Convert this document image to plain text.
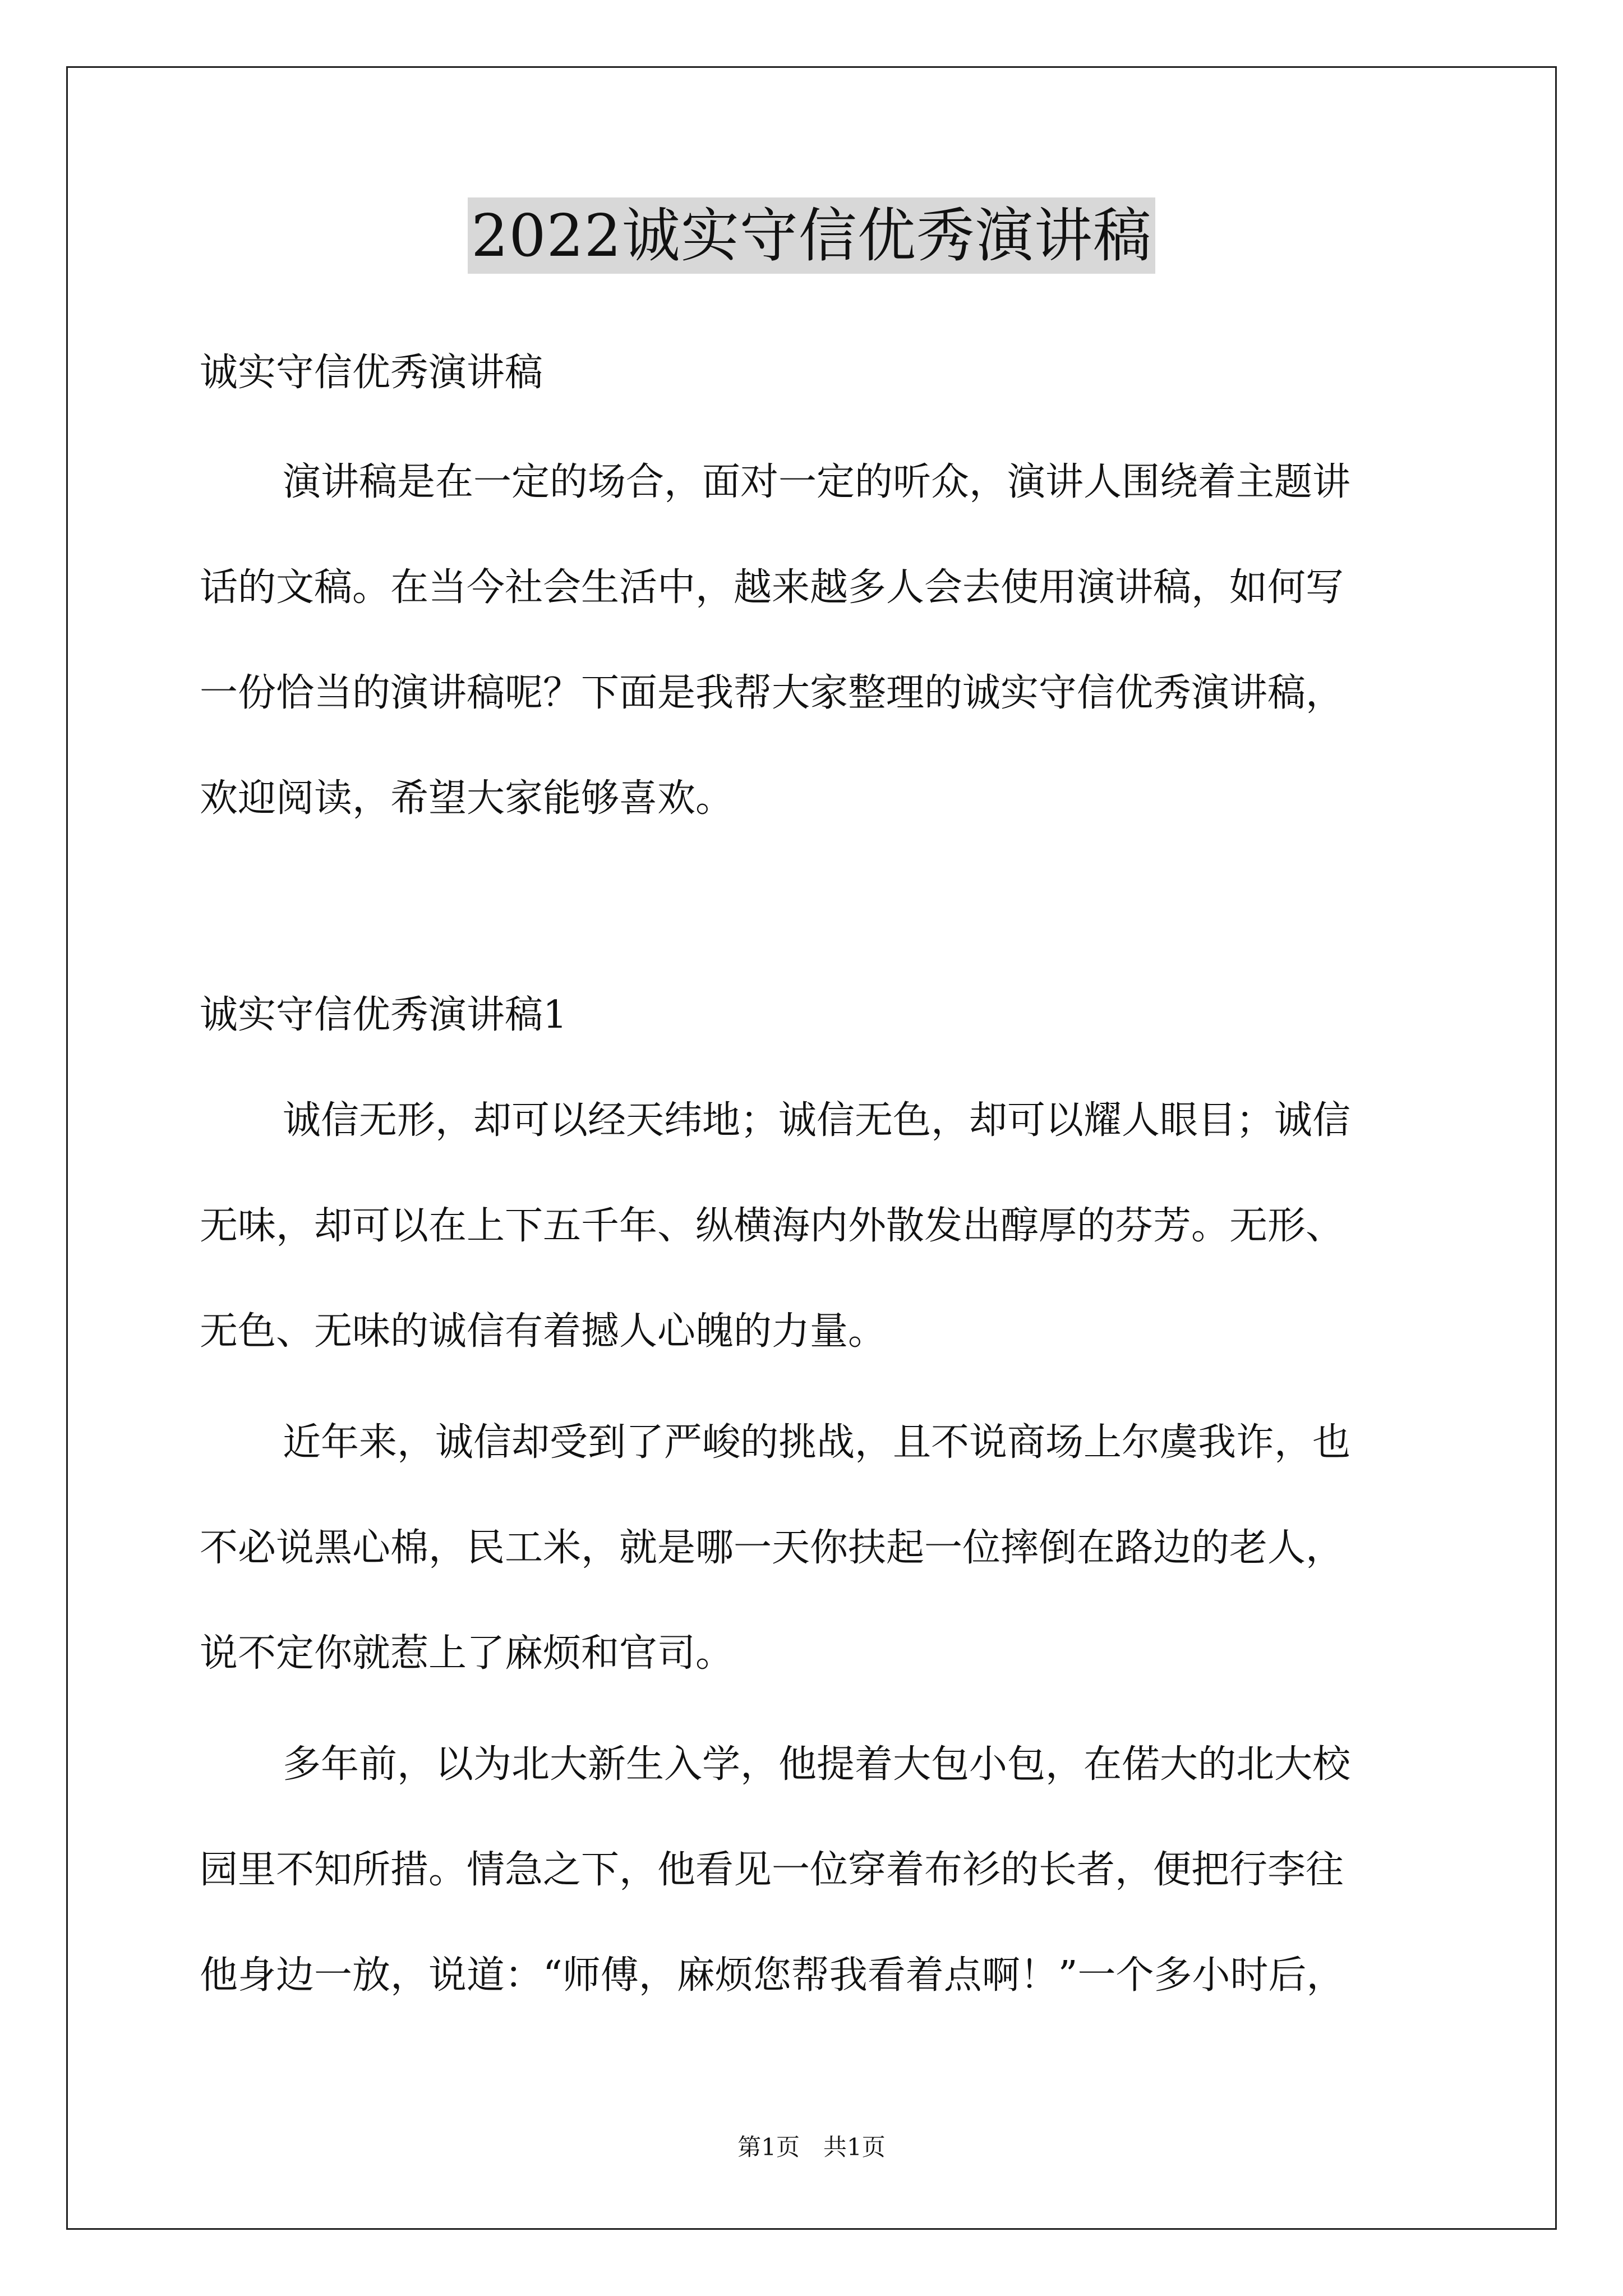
2022诚实守信优秀演讲稿
诚实守信优秀演讲稿
演讲稿是在一定的场合，面对一定的听众，演讲人围绕着主题讲
话的文稿。在当今社会生活中，越来越多人会去使用演讲稿，如何写
一份恰当的演讲稿呢？下面是我帮大家整理的诚实守信优秀演讲稿，
欢迎阅读，希望大家能够喜欢。
诚实守信优秀演讲稿1
诚信无形，却可以经天纬地；诚信无色，却可以耀人眼目；诚信
无味，却可以在上下五千年、纵横海内外散发出醇厚的芬芳。无形、
无色、无味的诚信有着撼人心魄的力量。
近年来，诚信却受到了严峻的挑战，且不说商场上尔虞我诈，也
不必说黑心棉，民工米，就是哪一天你扶起一位摔倒在路边的老人，
说不定你就惹上了麻烦和官司。
多年前，以为北大新生入学，他提着大包小包，在偌大的北大校
园里不知所措。情急之下，他看见一位穿着布衫的长者，便把行李往
他身边一放，说道：“师傅，麻烦您帮我看着点啊！”一个多小时后，
第1页　共1页
